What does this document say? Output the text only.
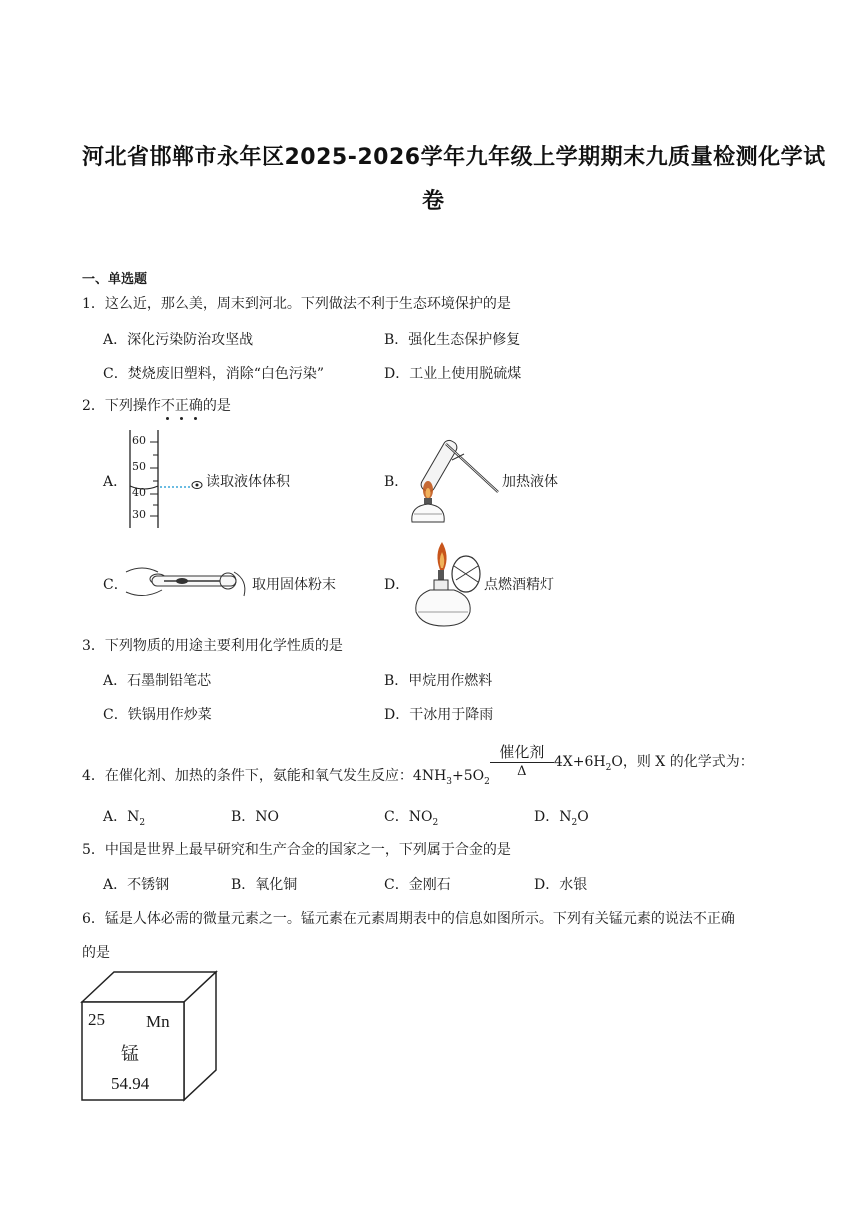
河北省邯郸市永年区2025-2026学年九年级上学期期末九质量检测化学试
卷
一、单选题
1．这么近，那么美，周末到河北。下列做法不利于生态环境保护的是
A．深化污染防治攻坚战	B．强化生态保护修复
C．焚烧废旧塑料，消除“白色污染”	D．工业上使用脱硫煤
2．下列操作不正确的是
A．
60
50
40
30
读取液体体积	B．	加热液体
C．	取用固体粉末	D．	点燃酒精灯
3．下列物质的用途主要利用化学性质的是
A．石墨制铅笔芯	B．甲烷用作燃料
C．铁锅用作炒菜	D．干冰用于降雨
4．在催化剂、加热的条件下，氨能和氧气发生反应：$4NH_3+5O_2$
$\frac{\text{催化剂}}{\Delta} 4X+6H_2O$，则 X 的化学式为：
A．$N_2$	B．NO	C．$NO_2$	D．$N_2O$
5．中国是世界上最早研究和生产合金的国家之一，下列属于合金的是
A．不锈钢	B．氧化铜	C．金刚石	D．水银
6．锰是人体必需的微量元素之一。锰元素在元素周期表中的信息如图所示。下列有关锰元素的说法不正确
的是
25 Mn
锰
54.94
